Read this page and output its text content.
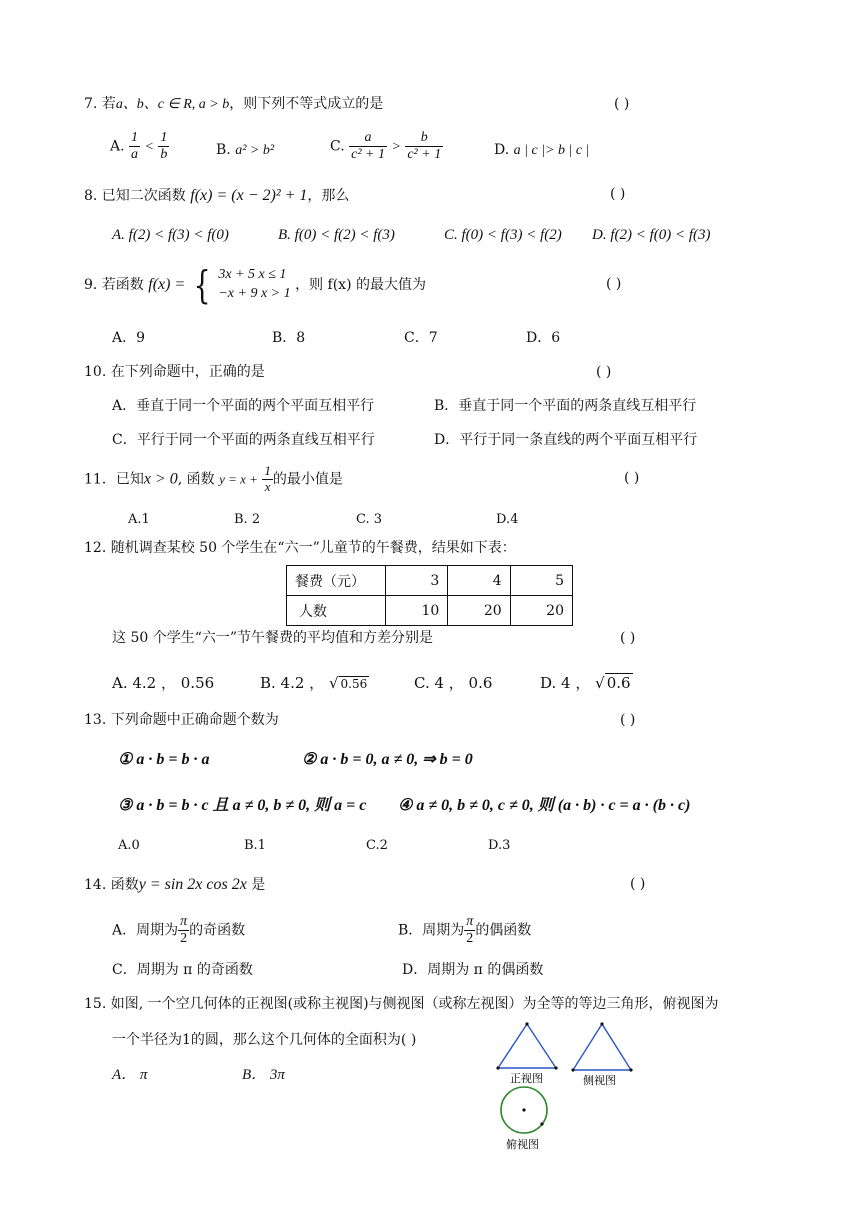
7. 若a、b、c ∈ R, a > b，则下列不等式成立的是	( )
A. $\frac{1}{a} < \frac{1}{b}$	B. a² > b²	C. $\frac{a}{\text{c² + 1}} > \frac{b}{\text{c² + 1}}$	D. a | c |> b | c |
8. 已知二次函数 f(x) = (x − 2)² + 1，那么	( )
A. f(2) < f(3) < f(0)	B. f(0) < f(2) < f(3)	C. f(0) < f(3) < f(2) D. f(2) < f(0) < f(3)
9. 若函数 f(x) = { 3x + 5 x ≤ 1
−x + 9 x > 1
，则 f(x) 的最大值为	( )
A．9	B．8	C．7	D．6
10. 在下列命题中，正确的是	( )
A．垂直于同一个平面的两个平面互相平行	B．垂直于同一个平面的两条直线互相平行
C．平行于同一个平面的两条直线互相平行	D．平行于同一条直线的两个平面互相平行
11．已知x > 0, 函数 $y = x + \frac{1}{x}$ 的最小值是	( )
A.1	B. 2	C. 3	D.4
12. 随机调查某校 50 个学生在“六一”儿童节的午餐费，结果如下表：
餐费（元）	3	4	5
人数	10	20	20
这 50 个学生“六一”节午餐费的平均值和方差分别是	( )
A. 4.2 ， 0.56	B. 4.2 ， √ 0.56	C. 4 ， 0.6	D. 4 ， √ 0.6
13. 下列命题中正确命题个数为	( )
① a · b = b · a	② a · b = 0, a ≠ 0, ⇒ b = 0
③ a · b = b · c 且 a ≠ 0, b ≠ 0, 则 a = c ④ a ≠ 0, b ≠ 0, c ≠ 0, 则 (a · b) · c = a · (b · c)
A.0	B.1	C.2	D.3
14. 函数y = sin 2x cos 2x 是	( )
A．周期为 $\frac{\pi}{2}$ 的奇函数	B．周期为 $\frac{\pi}{2}$ 的偶函数
C．周期为 π 的奇函数	D．周期为 π 的偶函数
15. 如图, 一个空几何体的正视图(或称主视图)与侧视图（或称左视图）为全等的等边三角形，俯视图为
一个半径为1的圆，那么这个几何体的全面积为( )
A． π	B． 3π	正视图	侧视图
俯视图
